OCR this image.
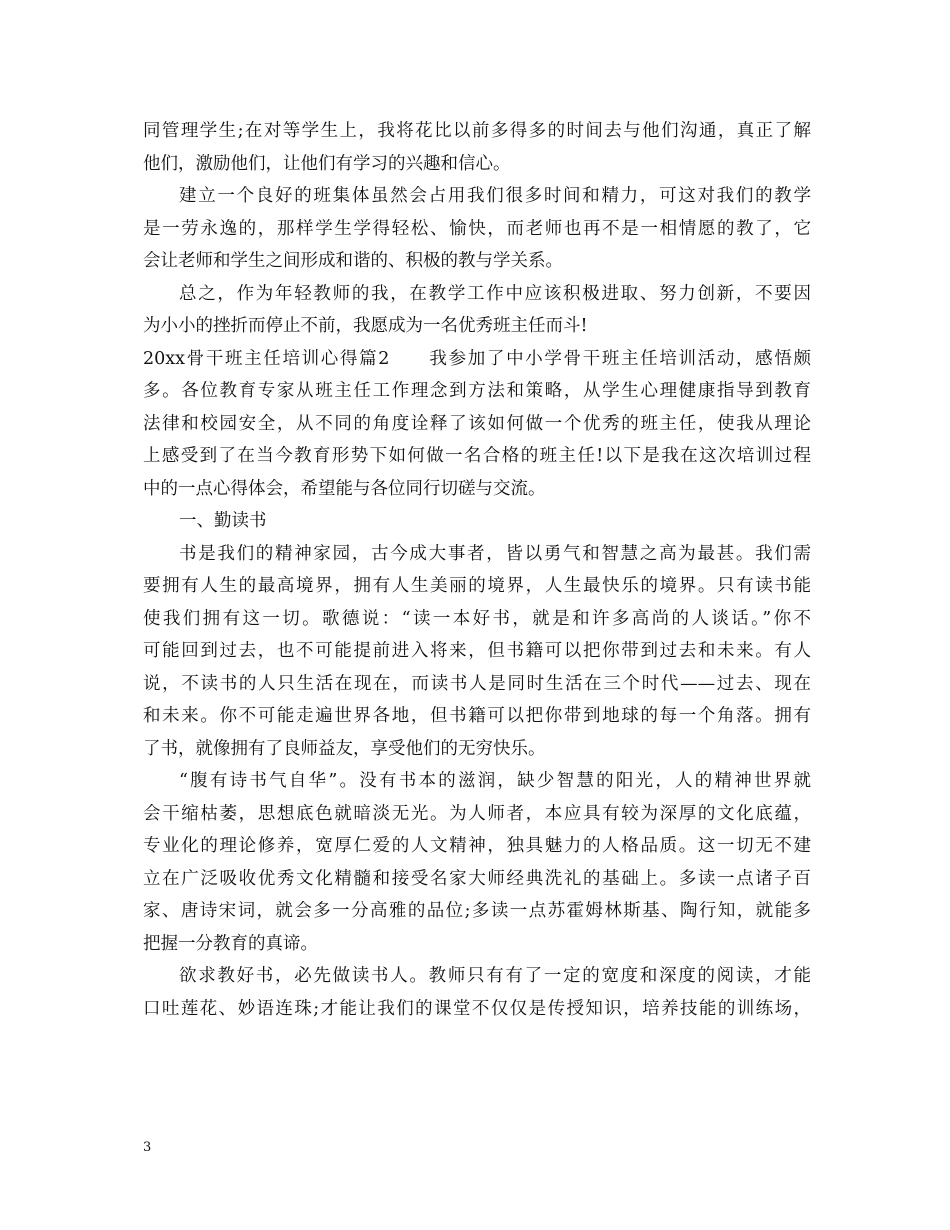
同管理学生;在对等学生上，我将花比以前多得多的时间去与他们沟通，真正了解
他们，激励他们，让他们有学习的兴趣和信心。
建立一个良好的班集体虽然会占用我们很多时间和精力，可这对我们的教学
是一劳永逸的，那样学生学得轻松、愉快，而老师也再不是一相情愿的教了，它
会让老师和学生之间形成和谐的、积极的教与学关系。
总之，作为年轻教师的我，在教学工作中应该积极进取、努力创新，不要因
为小小的挫折而停止不前，我愿成为一名优秀班主任而斗!
20xx骨干班主任培训心得篇2　　我参加了中小学骨干班主任培训活动，感悟颇
多。各位教育专家从班主任工作理念到方法和策略，从学生心理健康指导到教育
法律和校园安全，从不同的角度诠释了该如何做一个优秀的班主任，使我从理论
上感受到了在当今教育形势下如何做一名合格的班主任!以下是我在这次培训过程
中的一点心得体会，希望能与各位同行切磋与交流。
一、勤读书
书是我们的精神家园，古今成大事者，皆以勇气和智慧之高为最甚。我们需
要拥有人生的最高境界，拥有人生美丽的境界，人生最快乐的境界。只有读书能
使我们拥有这一切。歌德说：“读一本好书，就是和许多高尚的人谈话。”你不
可能回到过去，也不可能提前进入将来，但书籍可以把你带到过去和未来。有人
说，不读书的人只生活在现在，而读书人是同时生活在三个时代——过去、现在
和未来。你不可能走遍世界各地，但书籍可以把你带到地球的每一个角落。拥有
了书，就像拥有了良师益友，享受他们的无穷快乐。
“腹有诗书气自华”。没有书本的滋润，缺少智慧的阳光，人的精神世界就
会干缩枯萎，思想底色就暗淡无光。为人师者，本应具有较为深厚的文化底蕴，
专业化的理论修养，宽厚仁爱的人文精神，独具魅力的人格品质。这一切无不建
立在广泛吸收优秀文化精髓和接受名家大师经典洗礼的基础上。多读一点诸子百
家、唐诗宋词，就会多一分高雅的品位;多读一点苏霍姆林斯基、陶行知，就能多
把握一分教育的真谛。
欲求教好书，必先做读书人。教师只有有了一定的宽度和深度的阅读，才能
口吐莲花、妙语连珠;才能让我们的课堂不仅仅是传授知识，培养技能的训练场，
3
